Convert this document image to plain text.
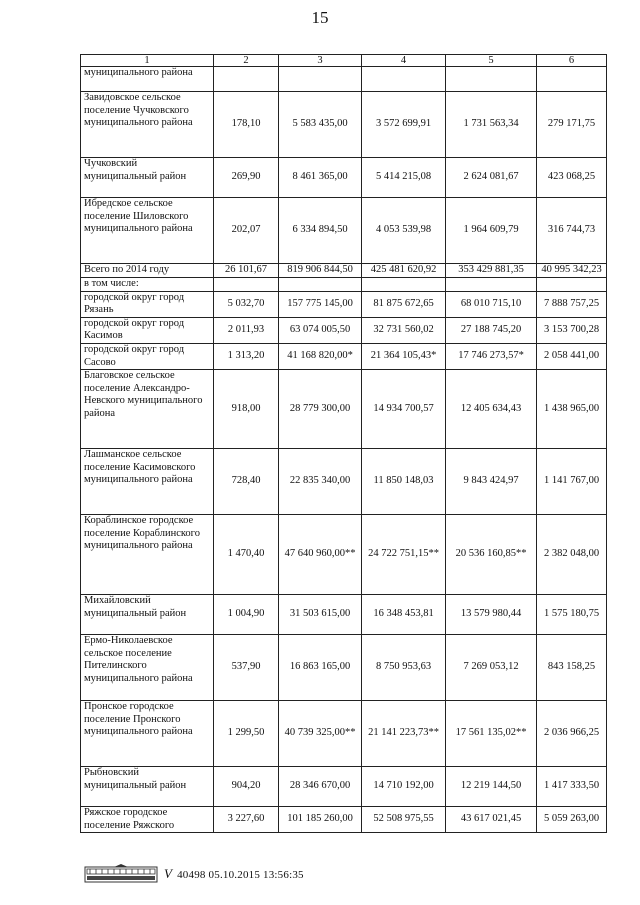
15
1	2	3	4	5	6
муниципального района					
Завидовское сельское поселение Чучковского муниципального района	178,10	5 583 435,00	3 572 699,91	1 731 563,34	279 171,75
Чучковский муниципальный район	269,90	8 461 365,00	5 414 215,08	2 624 081,67	423 068,25
Ибредское сельское поселение Шиловского муниципального района	202,07	6 334 894,50	4 053 539,98	1 964 609,79	316 744,73
Всего по 2014 году	26 101,67	819 906 844,50	425 481 620,92	353 429 881,35	40 995 342,23
в том числе:					
городской округ город Рязань	5 032,70	157 775 145,00	81 875 672,65	68 010 715,10	7 888 757,25
городской округ город Касимов	2 011,93	63 074 005,50	32 731 560,02	27 188 745,20	3 153 700,28
городской округ город Сасово	1 313,20	41 168 820,00*	21 364 105,43*	17 746 273,57*	2 058 441,00
Благовское сельское поселение Александро-Невского муниципального района	918,00	28 779 300,00	14 934 700,57	12 405 634,43	1 438 965,00
Лашманское сельское поселение Касимовского муниципального района	728,40	22 835 340,00	11 850 148,03	9 843 424,97	1 141 767,00
Кораблинское городское поселение Кораблинского муниципального района	1 470,40	47 640 960,00**	24 722 751,15**	20 536 160,85**	2 382 048,00
Михайловский муниципальный район	1 004,90	31 503 615,00	16 348 453,81	13 579 980,44	1 575 180,75
Ермо-Николаевское сельское поселение Пителинского муниципального района	537,90	16 863 165,00	8 750 953,63	7 269 053,12	843 158,25
Пронское городское поселение Пронского муниципального района	1 299,50	40 739 325,00**	21 141 223,73**	17 561 135,02**	2 036 966,25
Рыбновский муниципальный район	904,20	28 346 670,00	14 710 192,00	12 219 144,50	1 417 333,50
Ряжское городское поселение Ряжского	3 227,60	101 185 260,00	52 508 975,55	43 617 021,45	5 059 263,00
V 40498 05.10.2015 13:56:35
